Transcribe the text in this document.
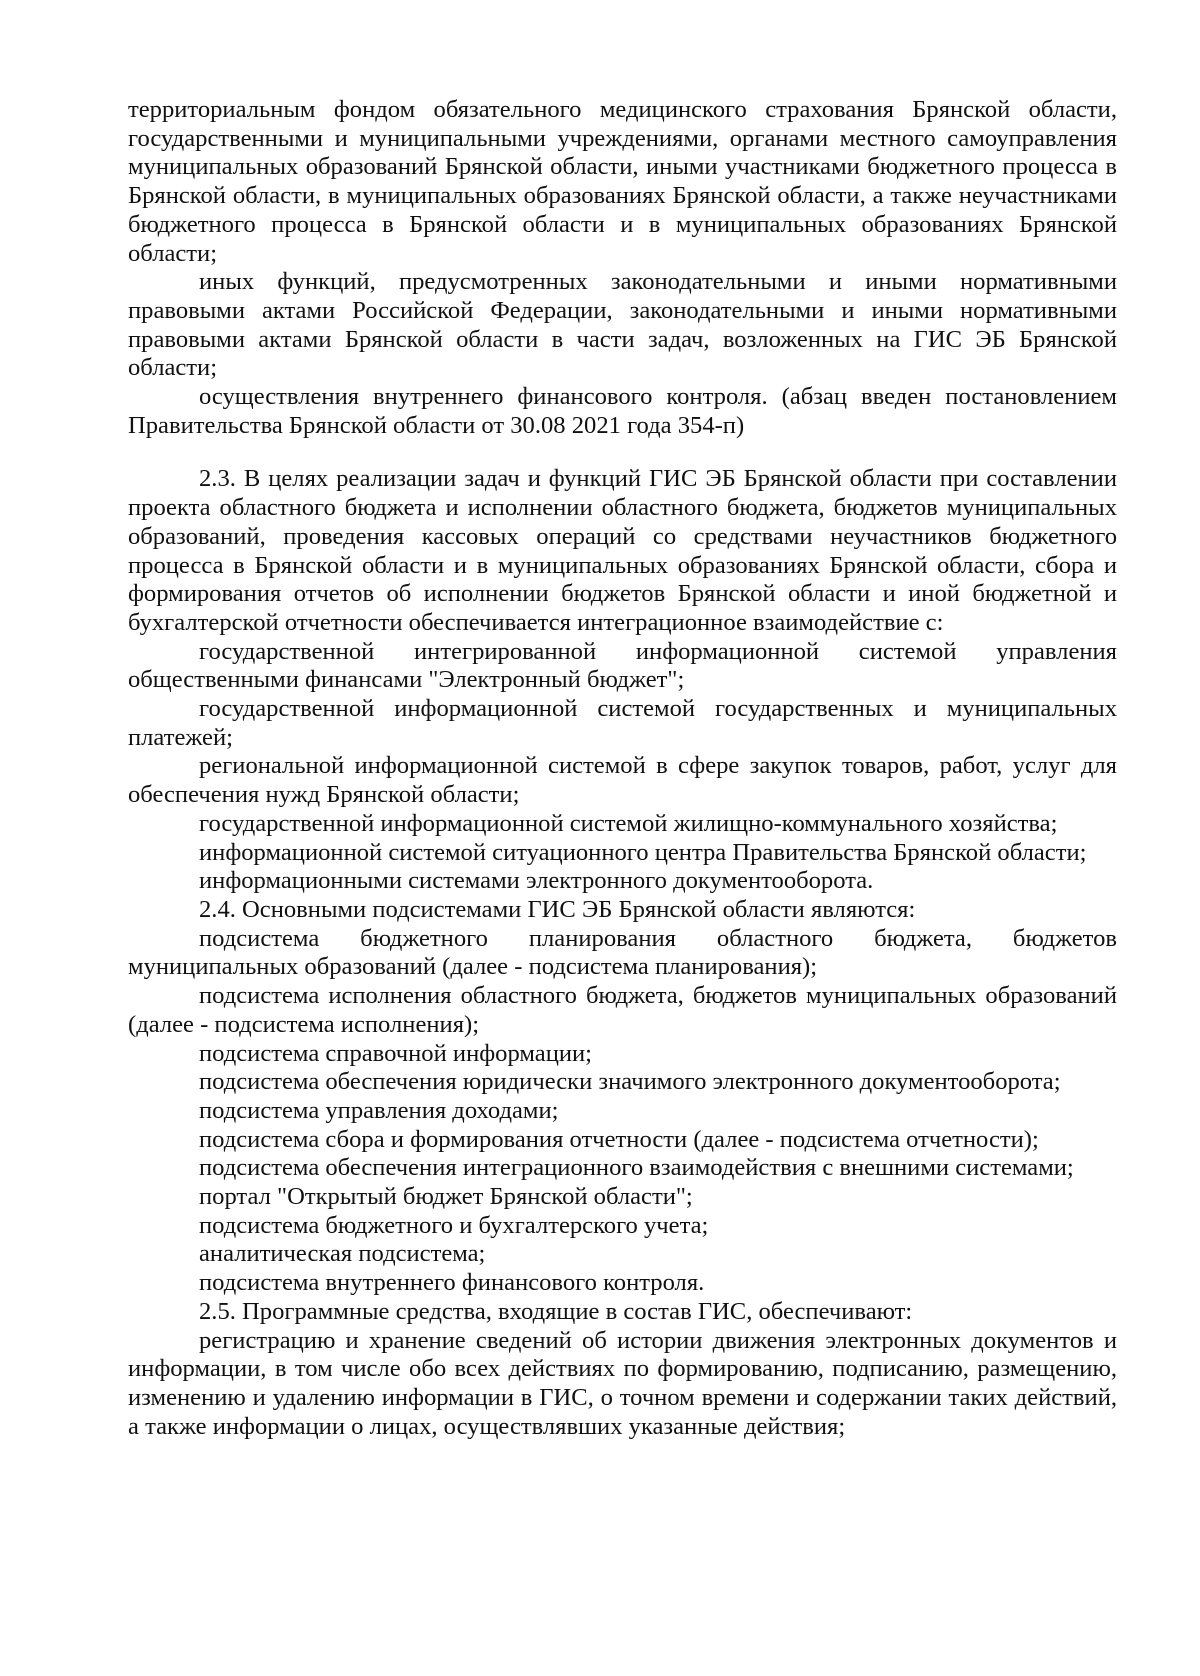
территориальным фондом обязательного медицинского страхования Брянской области, государственными и муниципальными учреждениями, органами местного самоуправления муниципальных образований Брянской области, иными участниками бюджетного процесса в Брянской области, в муниципальных образованиях Брянской области, а также неучастниками бюджетного процесса в Брянской области и в муниципальных образованиях Брянской области;

иных функций, предусмотренных законодательными и иными нормативными правовыми актами Российской Федерации, законодательными и иными нормативными правовыми актами Брянской области в части задач, возложенных на ГИС ЭБ Брянской области;

осуществления внутреннего финансового контроля. (абзац введен постановлением Правительства Брянской области от 30.08 2021 года 354-п)

2.3. В целях реализации задач и функций ГИС ЭБ Брянской области при составлении проекта областного бюджета и исполнении областного бюджета, бюджетов муниципальных образований, проведения кассовых операций со средствами неучастников бюджетного процесса в Брянской области и в муниципальных образованиях Брянской области, сбора и формирования отчетов об исполнении бюджетов Брянской области и иной бюджетной и бухгалтерской отчетности обеспечивается интеграционное взаимодействие с:

государственной интегрированной информационной системой управления общественными финансами "Электронный бюджет";

государственной информационной системой государственных и муниципальных платежей;

региональной информационной системой в сфере закупок товаров, работ, услуг для обеспечения нужд Брянской области;

государственной информационной системой жилищно-коммунального хозяйства;

информационной системой ситуационного центра Правительства Брянской области;

информационными системами электронного документооборота.

2.4. Основными подсистемами ГИС ЭБ Брянской области являются:

подсистема бюджетного планирования областного бюджета, бюджетов муниципальных образований (далее - подсистема планирования);

подсистема исполнения областного бюджета, бюджетов муниципальных образований (далее - подсистема исполнения);

подсистема справочной информации;

подсистема обеспечения юридически значимого электронного документооборота;

подсистема управления доходами;

подсистема сбора и формирования отчетности (далее - подсистема отчетности);

подсистема обеспечения интеграционного взаимодействия с внешними системами;

портал "Открытый бюджет Брянской области";

подсистема бюджетного и бухгалтерского учета;

аналитическая подсистема;

подсистема внутреннего финансового контроля.

2.5. Программные средства, входящие в состав ГИС, обеспечивают:

регистрацию и хранение сведений об истории движения электронных документов и информации, в том числе обо всех действиях по формированию, подписанию, размещению, изменению и удалению информации в ГИС, о точном времени и содержании таких действий, а также информации о лицах, осуществлявших указанные действия;
